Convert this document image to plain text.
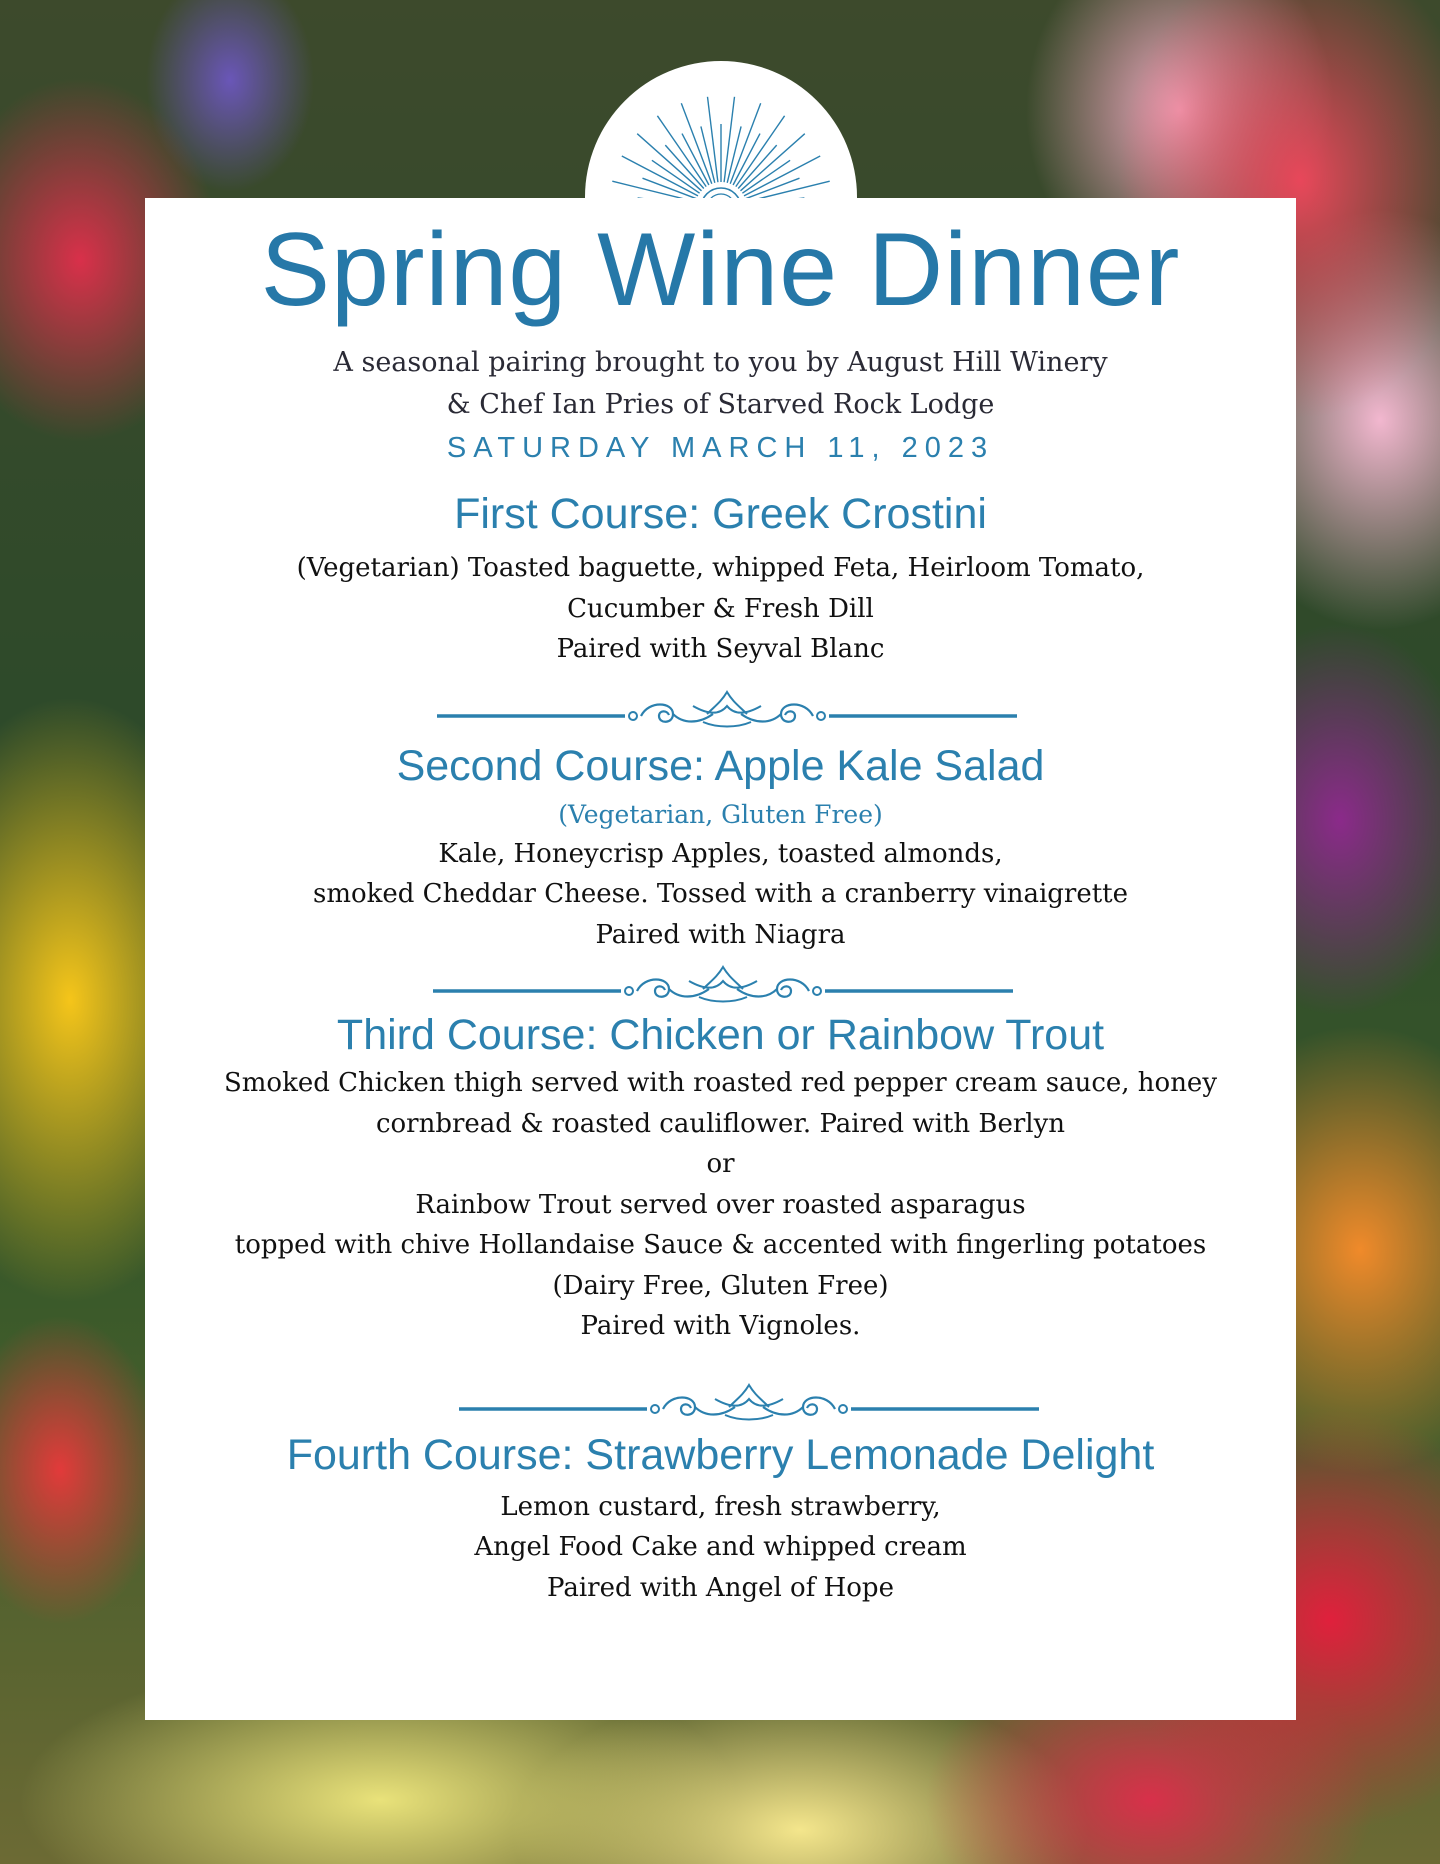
Spring Wine Dinner
A seasonal pairing brought to you by August Hill Winery
& Chef Ian Pries of Starved Rock Lodge
SATURDAY MARCH 11, 2023
First Course: Greek Crostini
(Vegetarian) Toasted baguette, whipped Feta, Heirloom Tomato,
Cucumber & Fresh Dill
Paired with Seyval Blanc
Second Course: Apple Kale Salad
(Vegetarian, Gluten Free)
Kale, Honeycrisp Apples, toasted almonds,
smoked Cheddar Cheese. Tossed with a cranberry vinaigrette
Paired with Niagra
Third Course: Chicken or Rainbow Trout
Smoked Chicken thigh served with roasted red pepper cream sauce, honey
cornbread & roasted cauliflower. Paired with Berlyn
or
Rainbow Trout served over roasted asparagus
topped with chive Hollandaise Sauce & accented with fingerling potatoes
(Dairy Free, Gluten Free)
Paired with Vignoles.
Fourth Course: Strawberry Lemonade Delight
Lemon custard, fresh strawberry,
Angel Food Cake and whipped cream
Paired with Angel of Hope
